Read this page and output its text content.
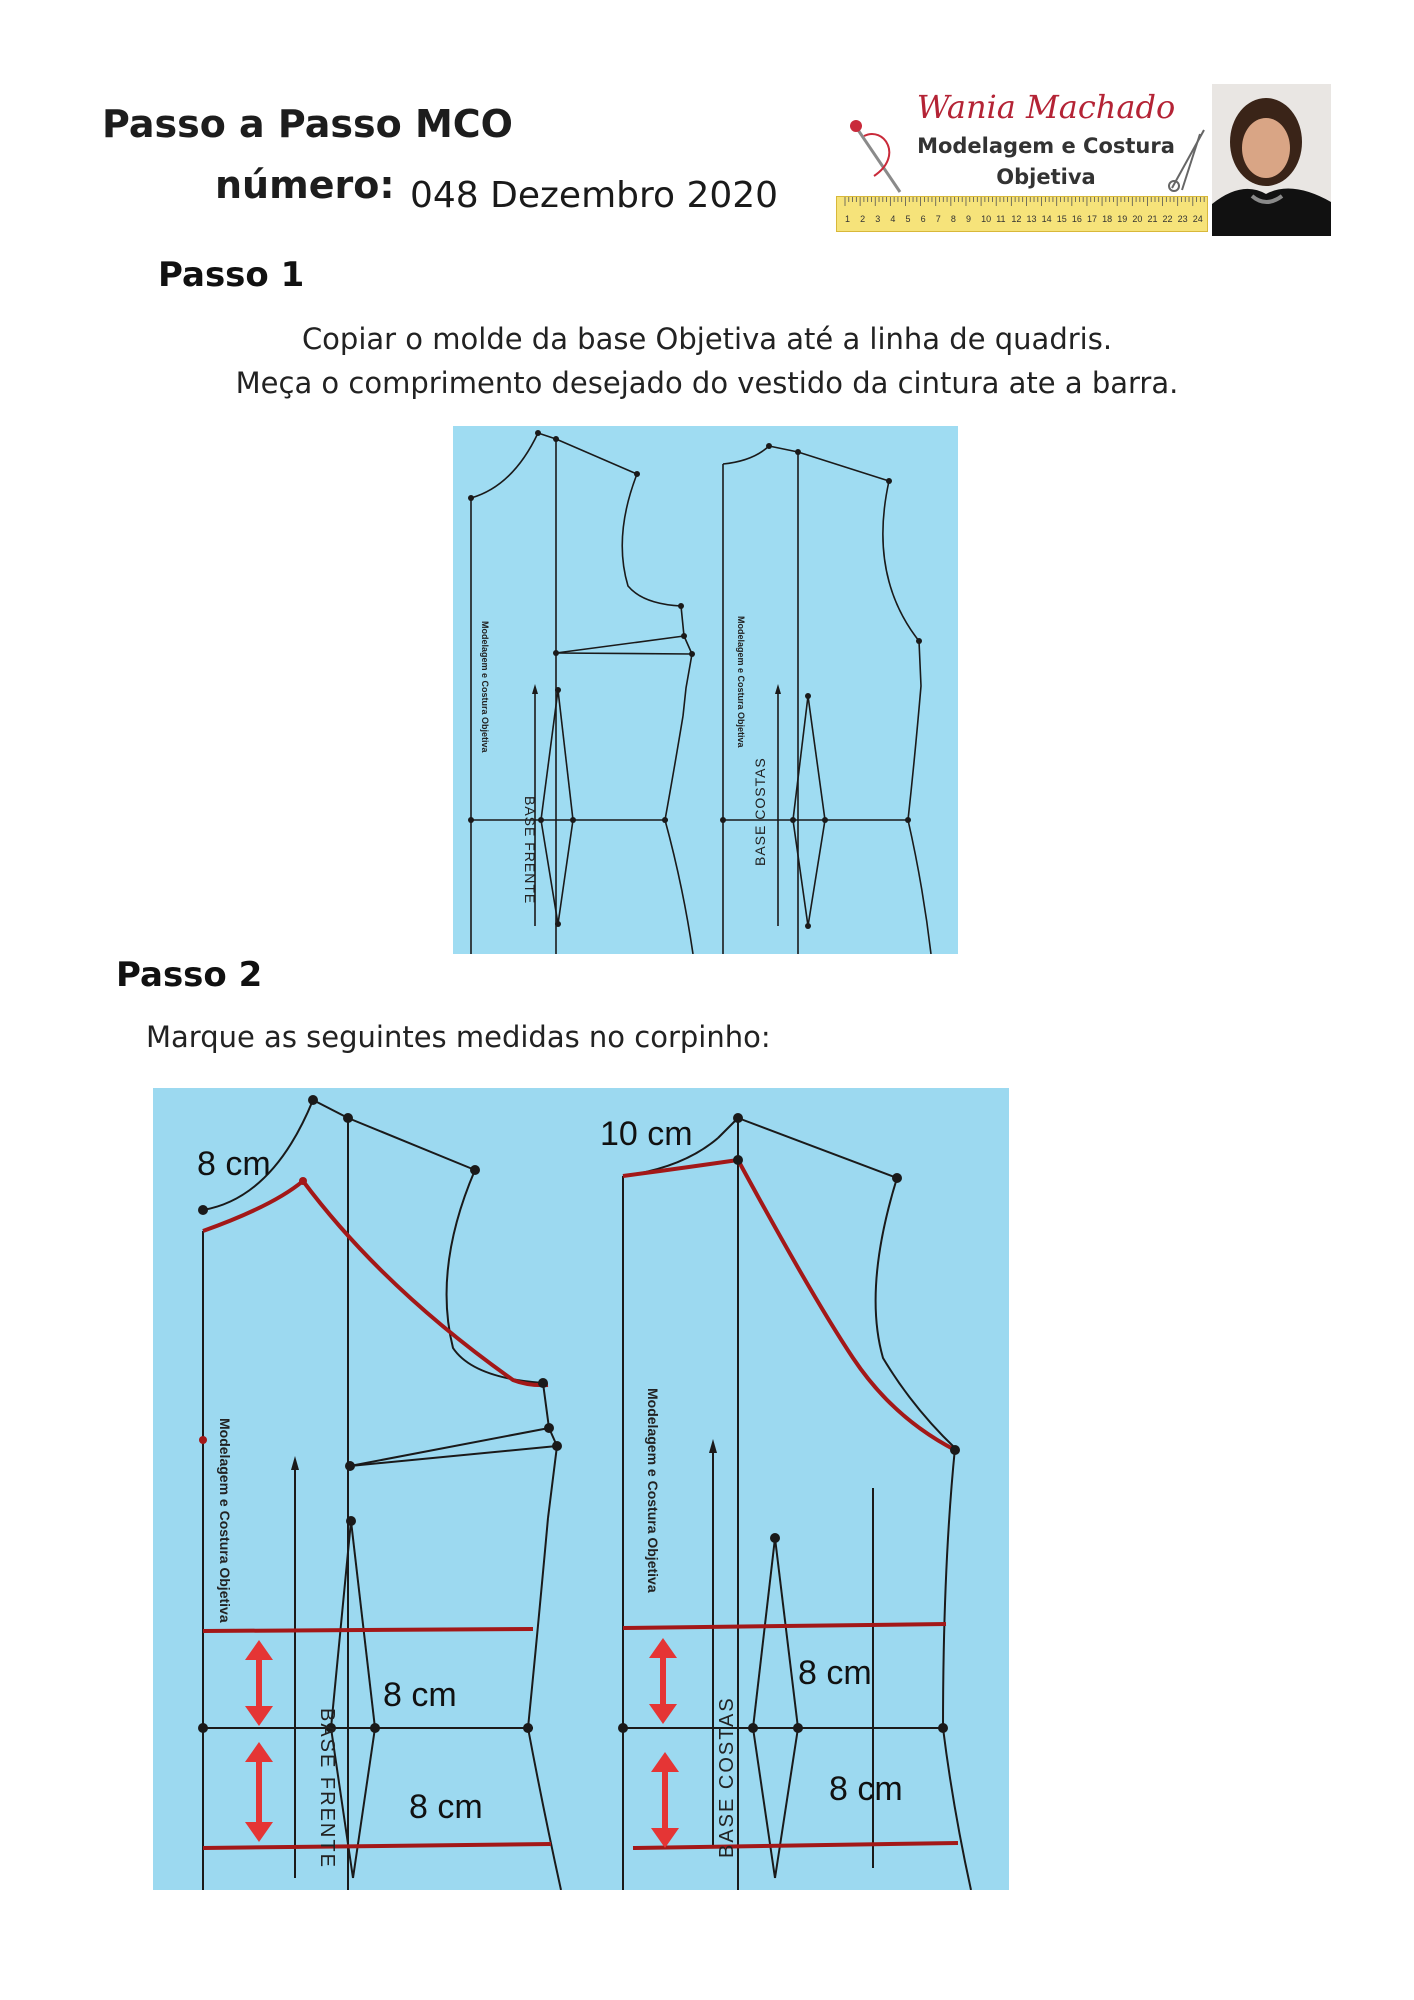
Passo a Passo MCO
número: 048 Dezembro 2020
Wania Machado
Modelagem e Costura
Objetiva
1 2 3 4 5 6 7 8 9 10 11 12 13 14 15 16 17 18 19 20 21 22 23 24
Passo 1
Copiar o molde da base Objetiva até a linha de quadris.
Meça o comprimento desejado do vestido da cintura ate a barra.
Modelagem e Costura Objetiva	Modelagem e Costura Objetiva
BASE FRENTE	BASE COSTAS
Passo 2
Marque as seguintes medidas no corpinho:
8 cm
10 cm
8 cm
8 cm
8 cm
8 cm
Modelagem e Costura Objetiva	Modelagem e Costura Objetiva
BASE FRENTE	BASE COSTAS
